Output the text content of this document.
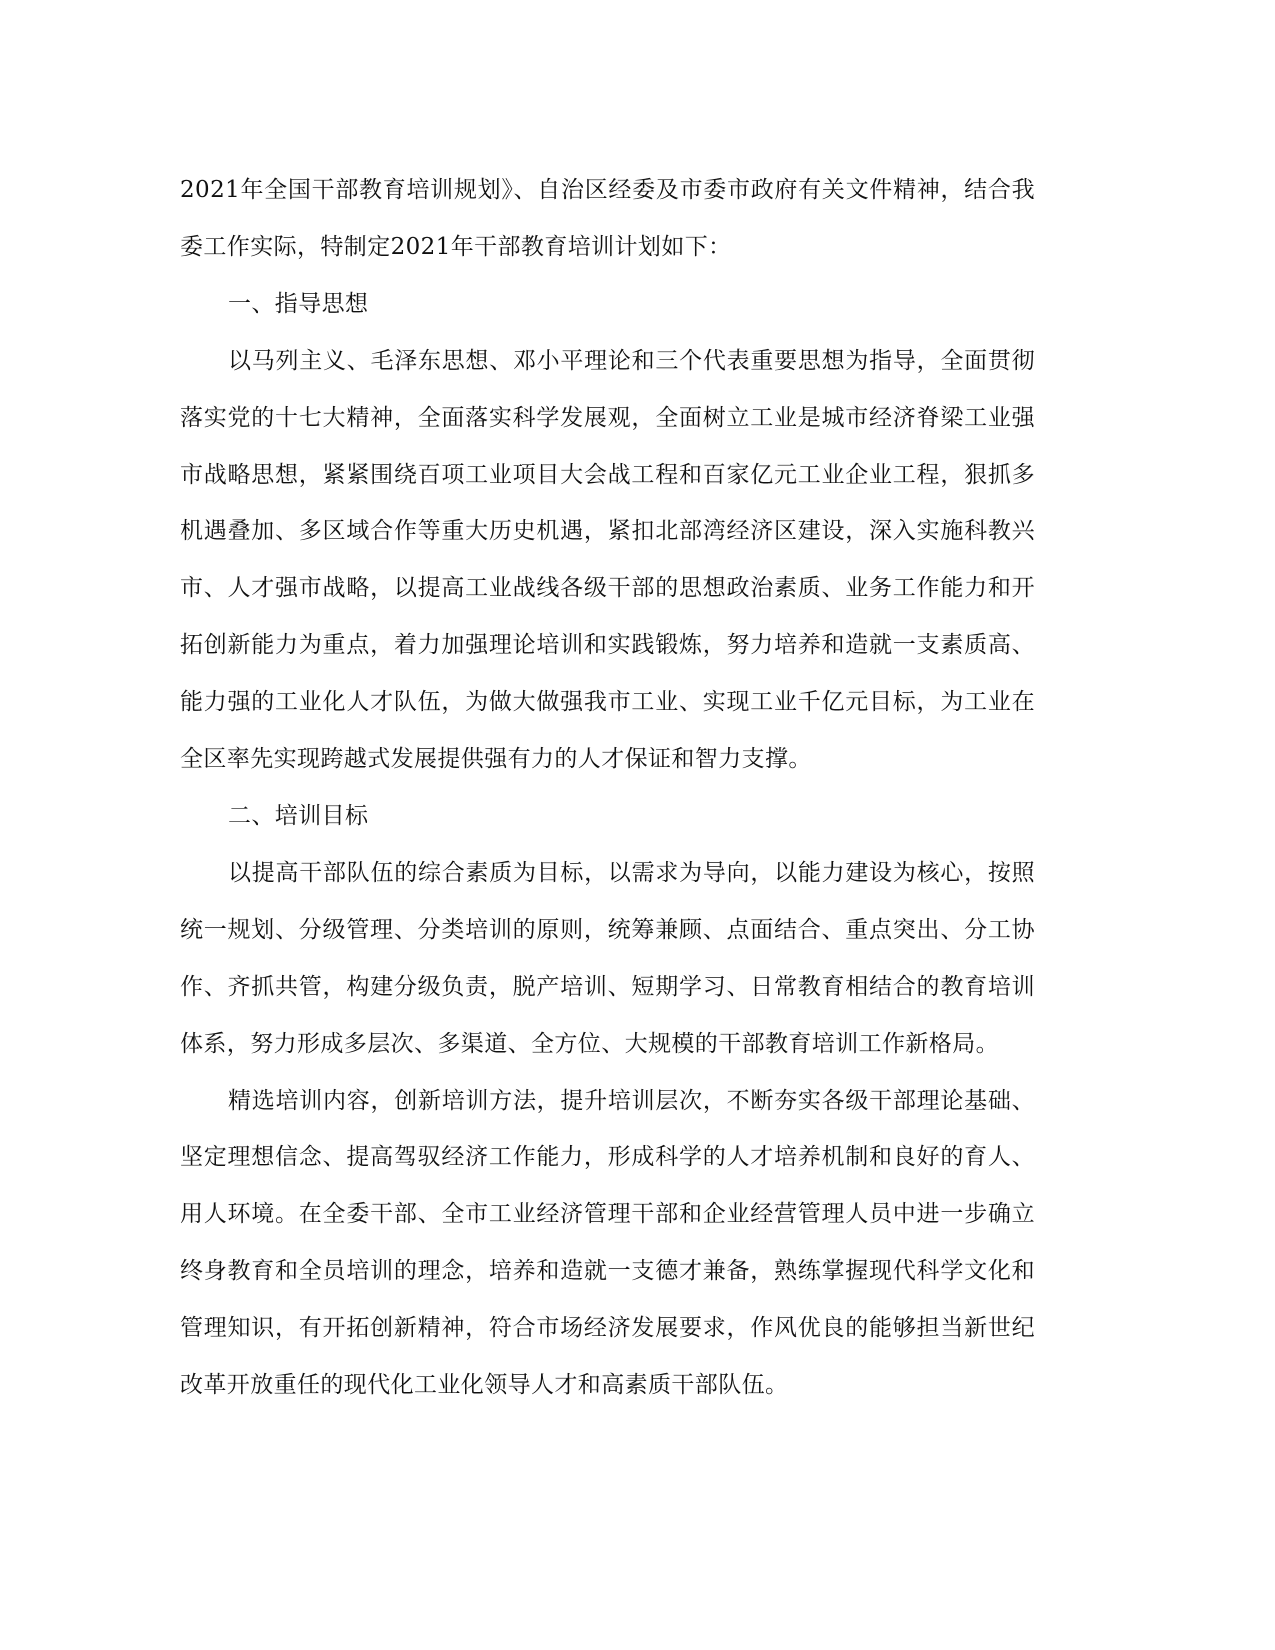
2021年全国干部教育培训规划》、自治区经委及市委市政府有关文件精神，结合我委工作实际，特制定2021年干部教育培训计划如下：

一、指导思想

以马列主义、毛泽东思想、邓小平理论和三个代表重要思想为指导，全面贯彻落实党的十七大精神，全面落实科学发展观，全面树立工业是城市经济脊梁工业强市战略思想，紧紧围绕百项工业项目大会战工程和百家亿元工业企业工程，狠抓多机遇叠加、多区域合作等重大历史机遇，紧扣北部湾经济区建设，深入实施科教兴市、人才强市战略，以提高工业战线各级干部的思想政治素质、业务工作能力和开拓创新能力为重点，着力加强理论培训和实践锻炼，努力培养和造就一支素质高、能力强的工业化人才队伍，为做大做强我市工业、实现工业千亿元目标，为工业在全区率先实现跨越式发展提供强有力的人才保证和智力支撑。

二、培训目标

以提高干部队伍的综合素质为目标，以需求为导向，以能力建设为核心，按照统一规划、分级管理、分类培训的原则，统筹兼顾、点面结合、重点突出、分工协作、齐抓共管，构建分级负责，脱产培训、短期学习、日常教育相结合的教育培训体系，努力形成多层次、多渠道、全方位、大规模的干部教育培训工作新格局。

精选培训内容，创新培训方法，提升培训层次，不断夯实各级干部理论基础、坚定理想信念、提高驾驭经济工作能力，形成科学的人才培养机制和良好的育人、用人环境。在全委干部、全市工业经济管理干部和企业经营管理人员中进一步确立终身教育和全员培训的理念，培养和造就一支德才兼备，熟练掌握现代科学文化和管理知识，有开拓创新精神，符合市场经济发展要求，作风优良的能够担当新世纪改革开放重任的现代化工业化领导人才和高素质干部队伍。
